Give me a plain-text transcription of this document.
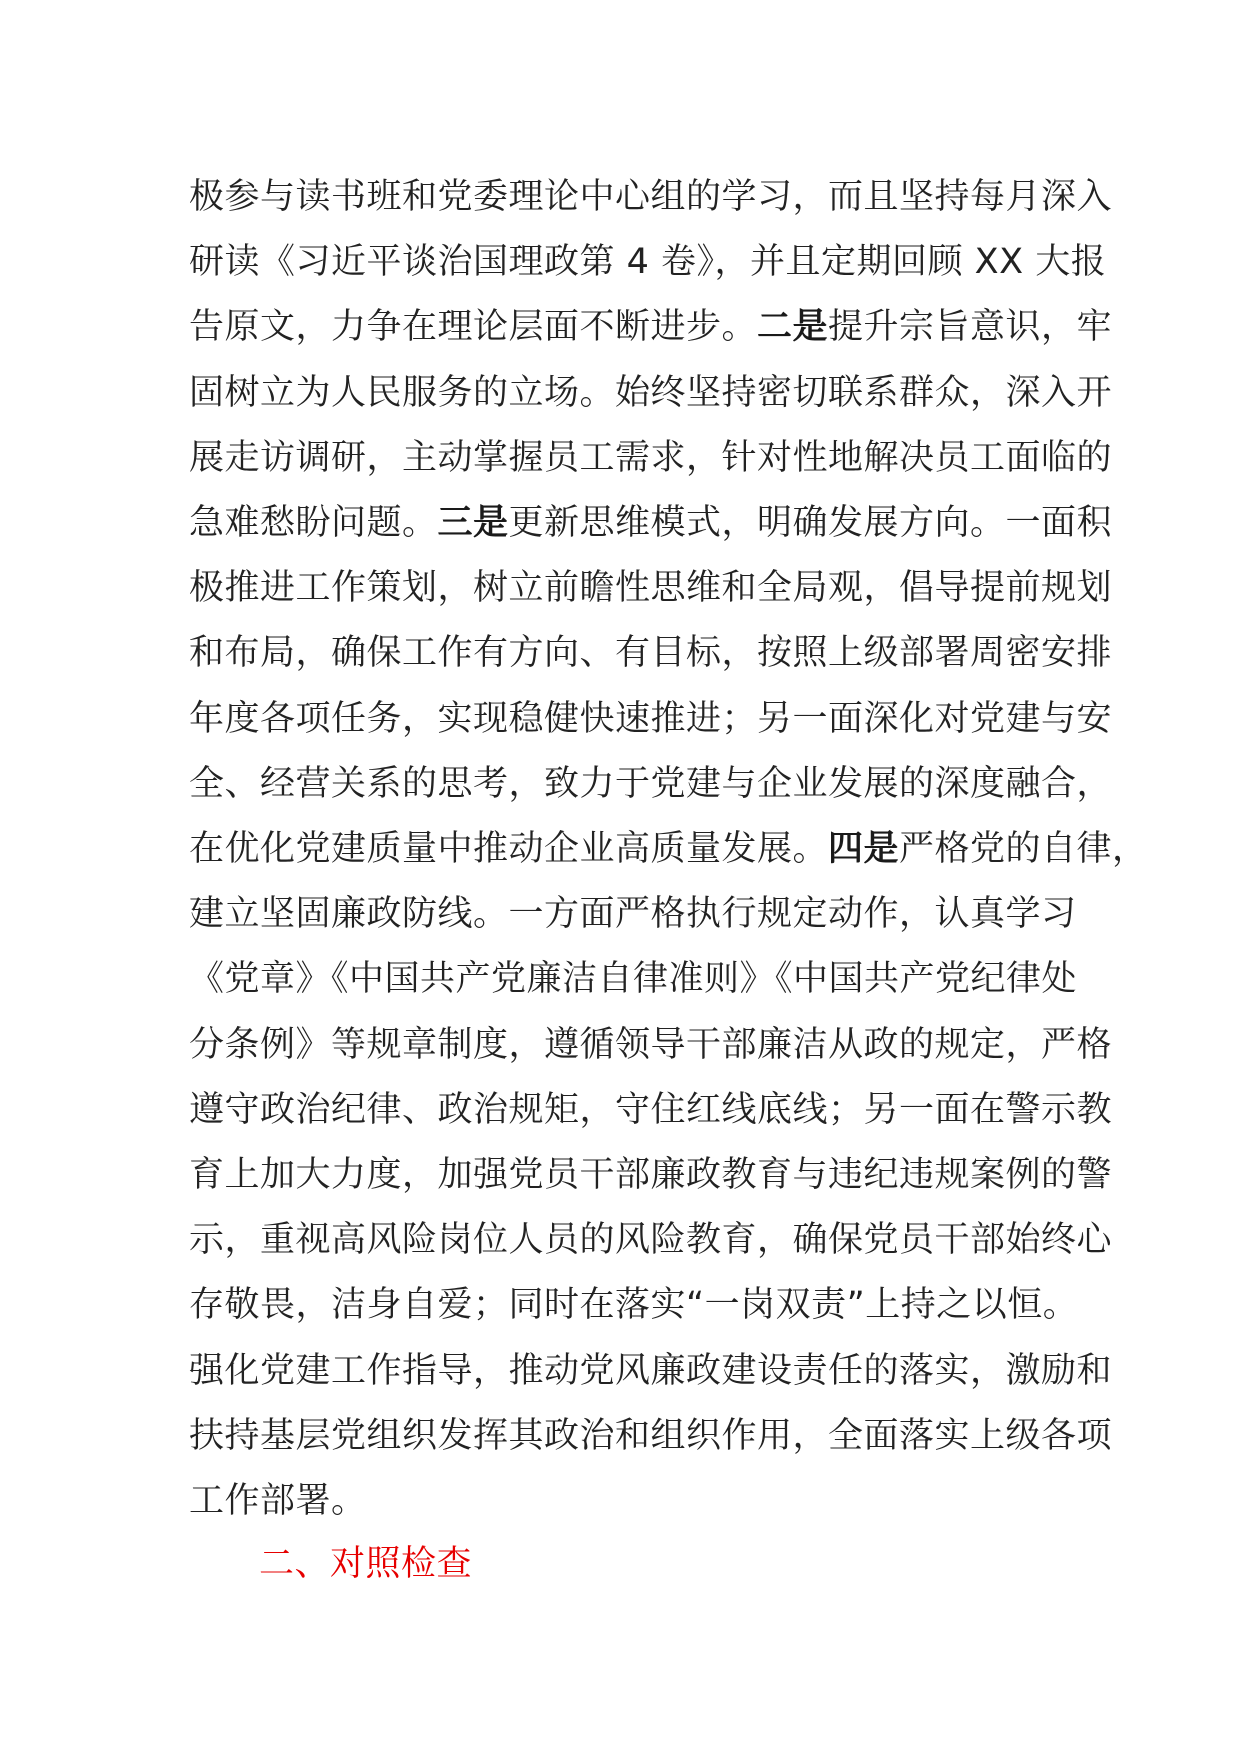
极参与读书班和党委理论中心组的学习，而且坚持每月深入
研读《习近平谈治国理政第 4 卷》，并且定期回顾 XX 大报
告原文，力争在理论层面不断进步。二是提升宗旨意识，牢
固树立为人民服务的立场。始终坚持密切联系群众，深入开
展走访调研，主动掌握员工需求，针对性地解决员工面临的
急难愁盼问题。三是更新思维模式，明确发展方向。一面积
极推进工作策划，树立前瞻性思维和全局观，倡导提前规划
和布局，确保工作有方向、有目标，按照上级部署周密安排
年度各项任务，实现稳健快速推进；另一面深化对党建与安
全、经营关系的思考，致力于党建与企业发展的深度融合，
在优化党建质量中推动企业高质量发展。四是严格党的自律，
建立坚固廉政防线。一方面严格执行规定动作，认真学习
《党章》《中国共产党廉洁自律准则》《中国共产党纪律处
分条例》等规章制度，遵循领导干部廉洁从政的规定，严格
遵守政治纪律、政治规矩，守住红线底线；另一面在警示教
育上加大力度，加强党员干部廉政教育与违纪违规案例的警
示，重视高风险岗位人员的风险教育，确保党员干部始终心
存敬畏，洁身自爱；同时在落实“一岗双责”上持之以恒。
强化党建工作指导，推动党风廉政建设责任的落实，激励和
扶持基层党组织发挥其政治和组织作用，全面落实上级各项
工作部署。

二、对照检查
